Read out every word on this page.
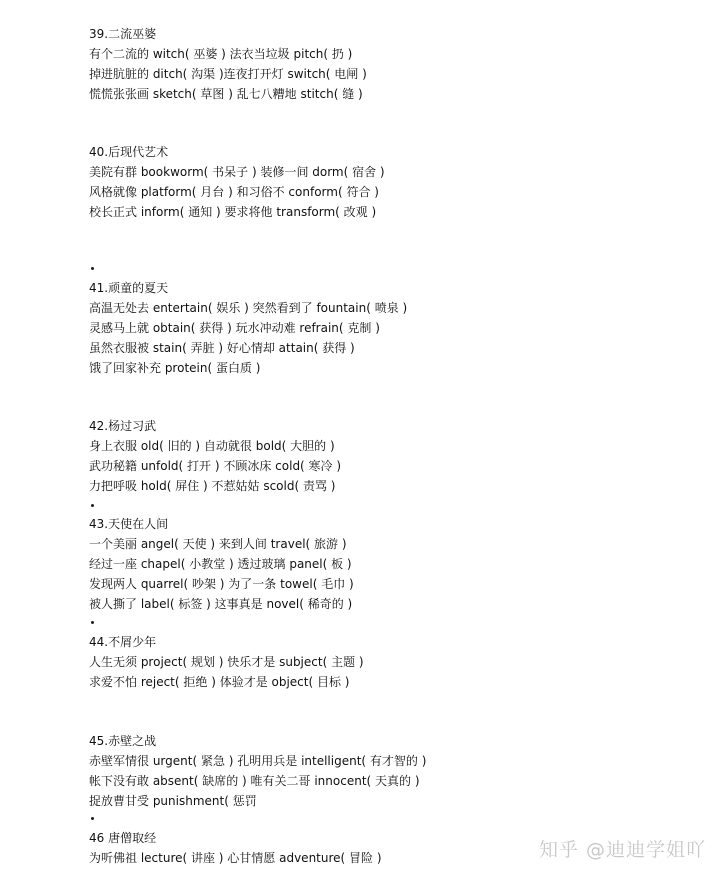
39.二流巫婆
有个二流的 witch( 巫婆 ) 法衣当垃圾 pitch( 扔 )
掉进肮脏的 ditch( 沟渠 )连夜打开灯 switch( 电闸 )
慌慌张张画 sketch( 草图 ) 乱七八糟地 stitch( 缝 )
40.后现代艺术
美院有群 bookworm( 书呆子 ) 装修一间 dorm( 宿舍 )
风格就像 platform( 月台 ) 和习俗不 conform( 符合 )
校长正式 inform( 通知 ) 要求将他 transform( 改观 )
41.顽童的夏天
高温无处去 entertain( 娱乐 ) 突然看到了 fountain( 喷泉 )
灵感马上就 obtain( 获得 ) 玩水冲动难 refrain( 克制 )
虽然衣服被 stain( 弄脏 ) 好心情却 attain( 获得 )
饿了回家补充 protein( 蛋白质 )
42.杨过习武
身上衣服 old( 旧的 ) 自动就很 bold( 大胆的 )
武功秘籍 unfold( 打开 ) 不顾冰床 cold( 寒冷 )
力把呼吸 hold( 屏住 ) 不惹姑姑 scold( 责骂 )
43.天使在人间
一个美丽 angel( 天使 ) 来到人间 travel( 旅游 )
经过一座 chapel( 小教堂 ) 透过玻璃 panel( 板 )
发现两人 quarrel( 吵架 ) 为了一条 towel( 毛巾 )
被人撕了 label( 标签 ) 这事真是 novel( 稀奇的 )
44.不屑少年
人生无须 project( 规划 ) 快乐才是 subject( 主题 )
求爱不怕 reject( 拒绝 ) 体验才是 object( 目标 )
45.赤壁之战
赤壁军情很 urgent( 紧急 ) 孔明用兵是 intelligent( 有才智的 )
帐下没有敢 absent( 缺席的 ) 唯有关二哥 innocent( 天真的 )
捉放曹甘受 punishment( 惩罚
46 唐僧取经
为听佛祖 lecture( 讲座 ) 心甘情愿 adventure( 冒险 )	知乎 @迪迪学姐吖
